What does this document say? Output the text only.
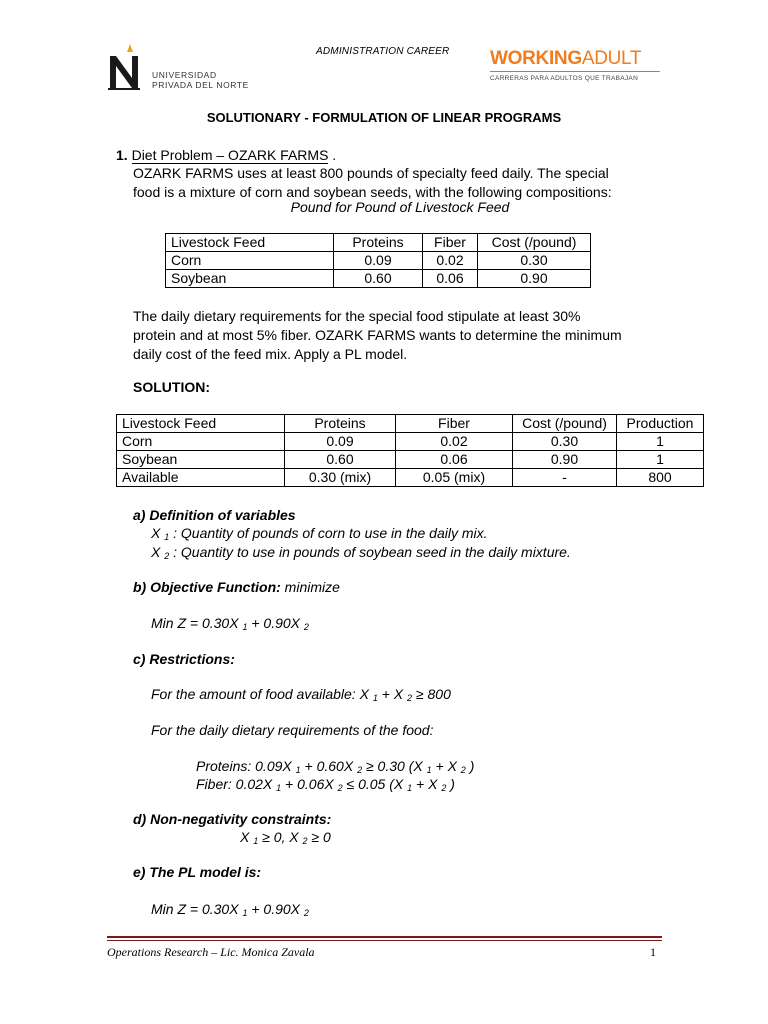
UNIVERSIDAD
PRIVADA DEL NORTE
ADMINISTRATION CAREER WORKINGADULT
CARRERAS PARA ADULTOS QUE TRABAJAN
SOLUTIONARY - FORMULATION OF LINEAR PROGRAMS
1. Diet Problem – OZARK FARMS .
OZARK FARMS uses at least 800 pounds of specialty feed daily. The special
food is a mixture of corn and soybean seeds, with the following compositions:
Pound for Pound of Livestock Feed
Livestock Feed	Proteins	Fiber	Cost (/pound)
Corn	0.09	0.02	0.30
Soybean	0.60	0.06	0.90
The daily dietary requirements for the special food stipulate at least 30%
protein and at most 5% fiber. OZARK FARMS wants to determine the minimum
daily cost of the feed mix. Apply a PL model.
SOLUTION:
Livestock Feed	Proteins	Fiber	Cost (/pound)	Production
Corn	0.09	0.02	0.30	1
Soybean	0.60	0.06	0.90	1
Available	0.30 (mix)	0.05 (mix)	-	800
a) Definition of variables
X $_1$ : Quantity of pounds of corn to use in the daily mix.
X $_2$ : Quantity to use in pounds of soybean seed in the daily mixture.
b) Objective Function: minimize
Min Z = 0.30X $_1$ + 0.90X $_2$
c) Restrictions:
For the amount of food available: X $_1$ + X $_2$ ≥ 800
For the daily dietary requirements of the food:
Proteins: 0.09X $_1$ + 0.60X $_2$ ≥ 0.30 (X $_1$ + X $_2$ )
Fiber: 0.02X $_1$ + 0.06X $_2$ ≤ 0.05 (X $_1$ + X $_2$ )
d) Non-negativity constraints:
X $_1$ ≥ 0, X $_2$ ≥ 0
e) The PL model is:
Min Z = 0.30X $_1$ + 0.90X $_2$
Operations Research – Lic. Monica Zavala	1
